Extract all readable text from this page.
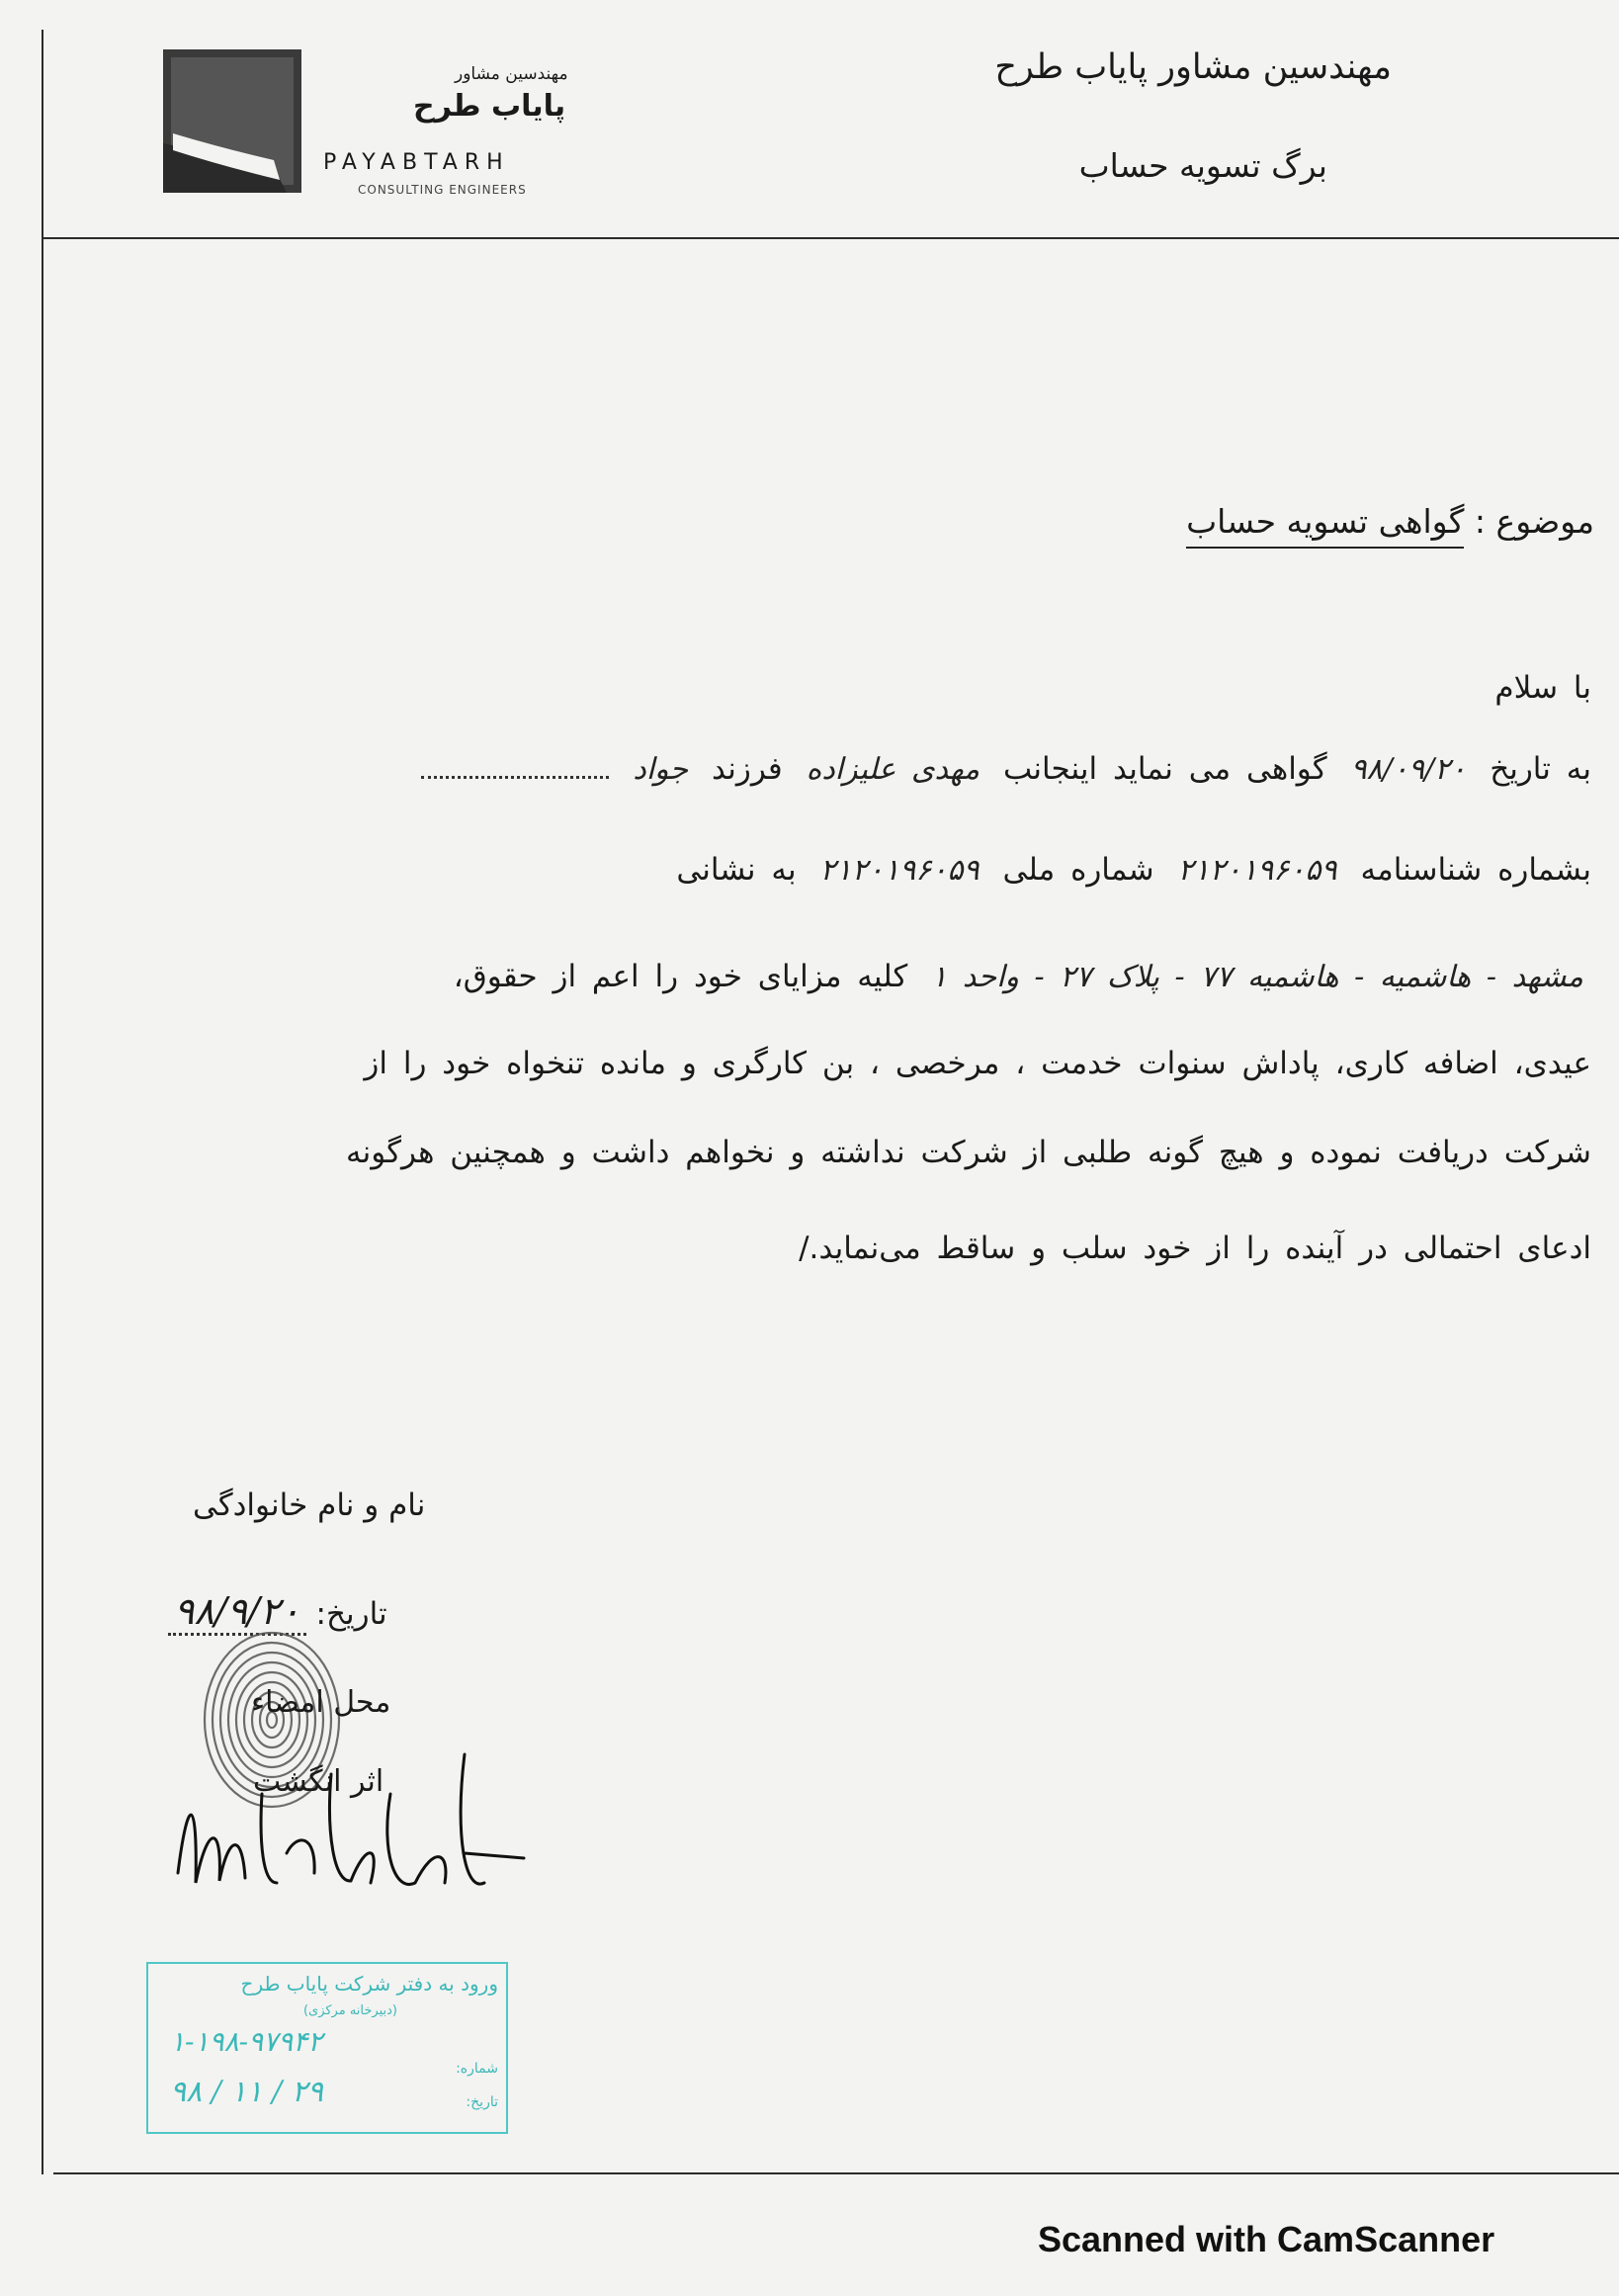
مهندسین مشاور پایاب طرح
برگ تسویه حساب
مهندسین مشاور
پایاب طرح
PAYABTARH
CONSULTING ENGINEERS
موضوع : گواهی تسویه حساب
با سلام
به تاریخ ۹۸/۰۹/۲۰ گواهی می نماید اینجانب مهدی علیزاده فرزند جواد
بشماره شناسنامه ۲۱۲۰۱۹۶۰۵۹ شماره ملی ۲۱۲۰۱۹۶۰۵۹ به نشانی
مشهد - هاشمیه - هاشمیه ۷۷ - پلاک ۲۷ - واحد ۱ کلیه مزایای خود را اعم از حقوق،
عیدی، اضافه کاری، پاداش سنوات خدمت ، مرخصی ، بن کارگری و مانده تنخواه خود را از
شرکت دریافت نموده و هیچ گونه طلبی از شرکت نداشته و نخواهم داشت و همچنین هرگونه
ادعای احتمالی در آینده را از خود سلب و ساقط می‌نماید./
نام و نام خانوادگی
تاریخ: ۹۸/۹/۲۰
محل امضاء
اثر انگشت
ورود به دفتر شرکت پایاب طرح
(دبیرخانه مرکزی)
شماره:
تاریخ:
۱-۱۹۸-۹۷۹۴۲
۹۸ / ۱۱ / ۲۹
Scanned with CamScanner
